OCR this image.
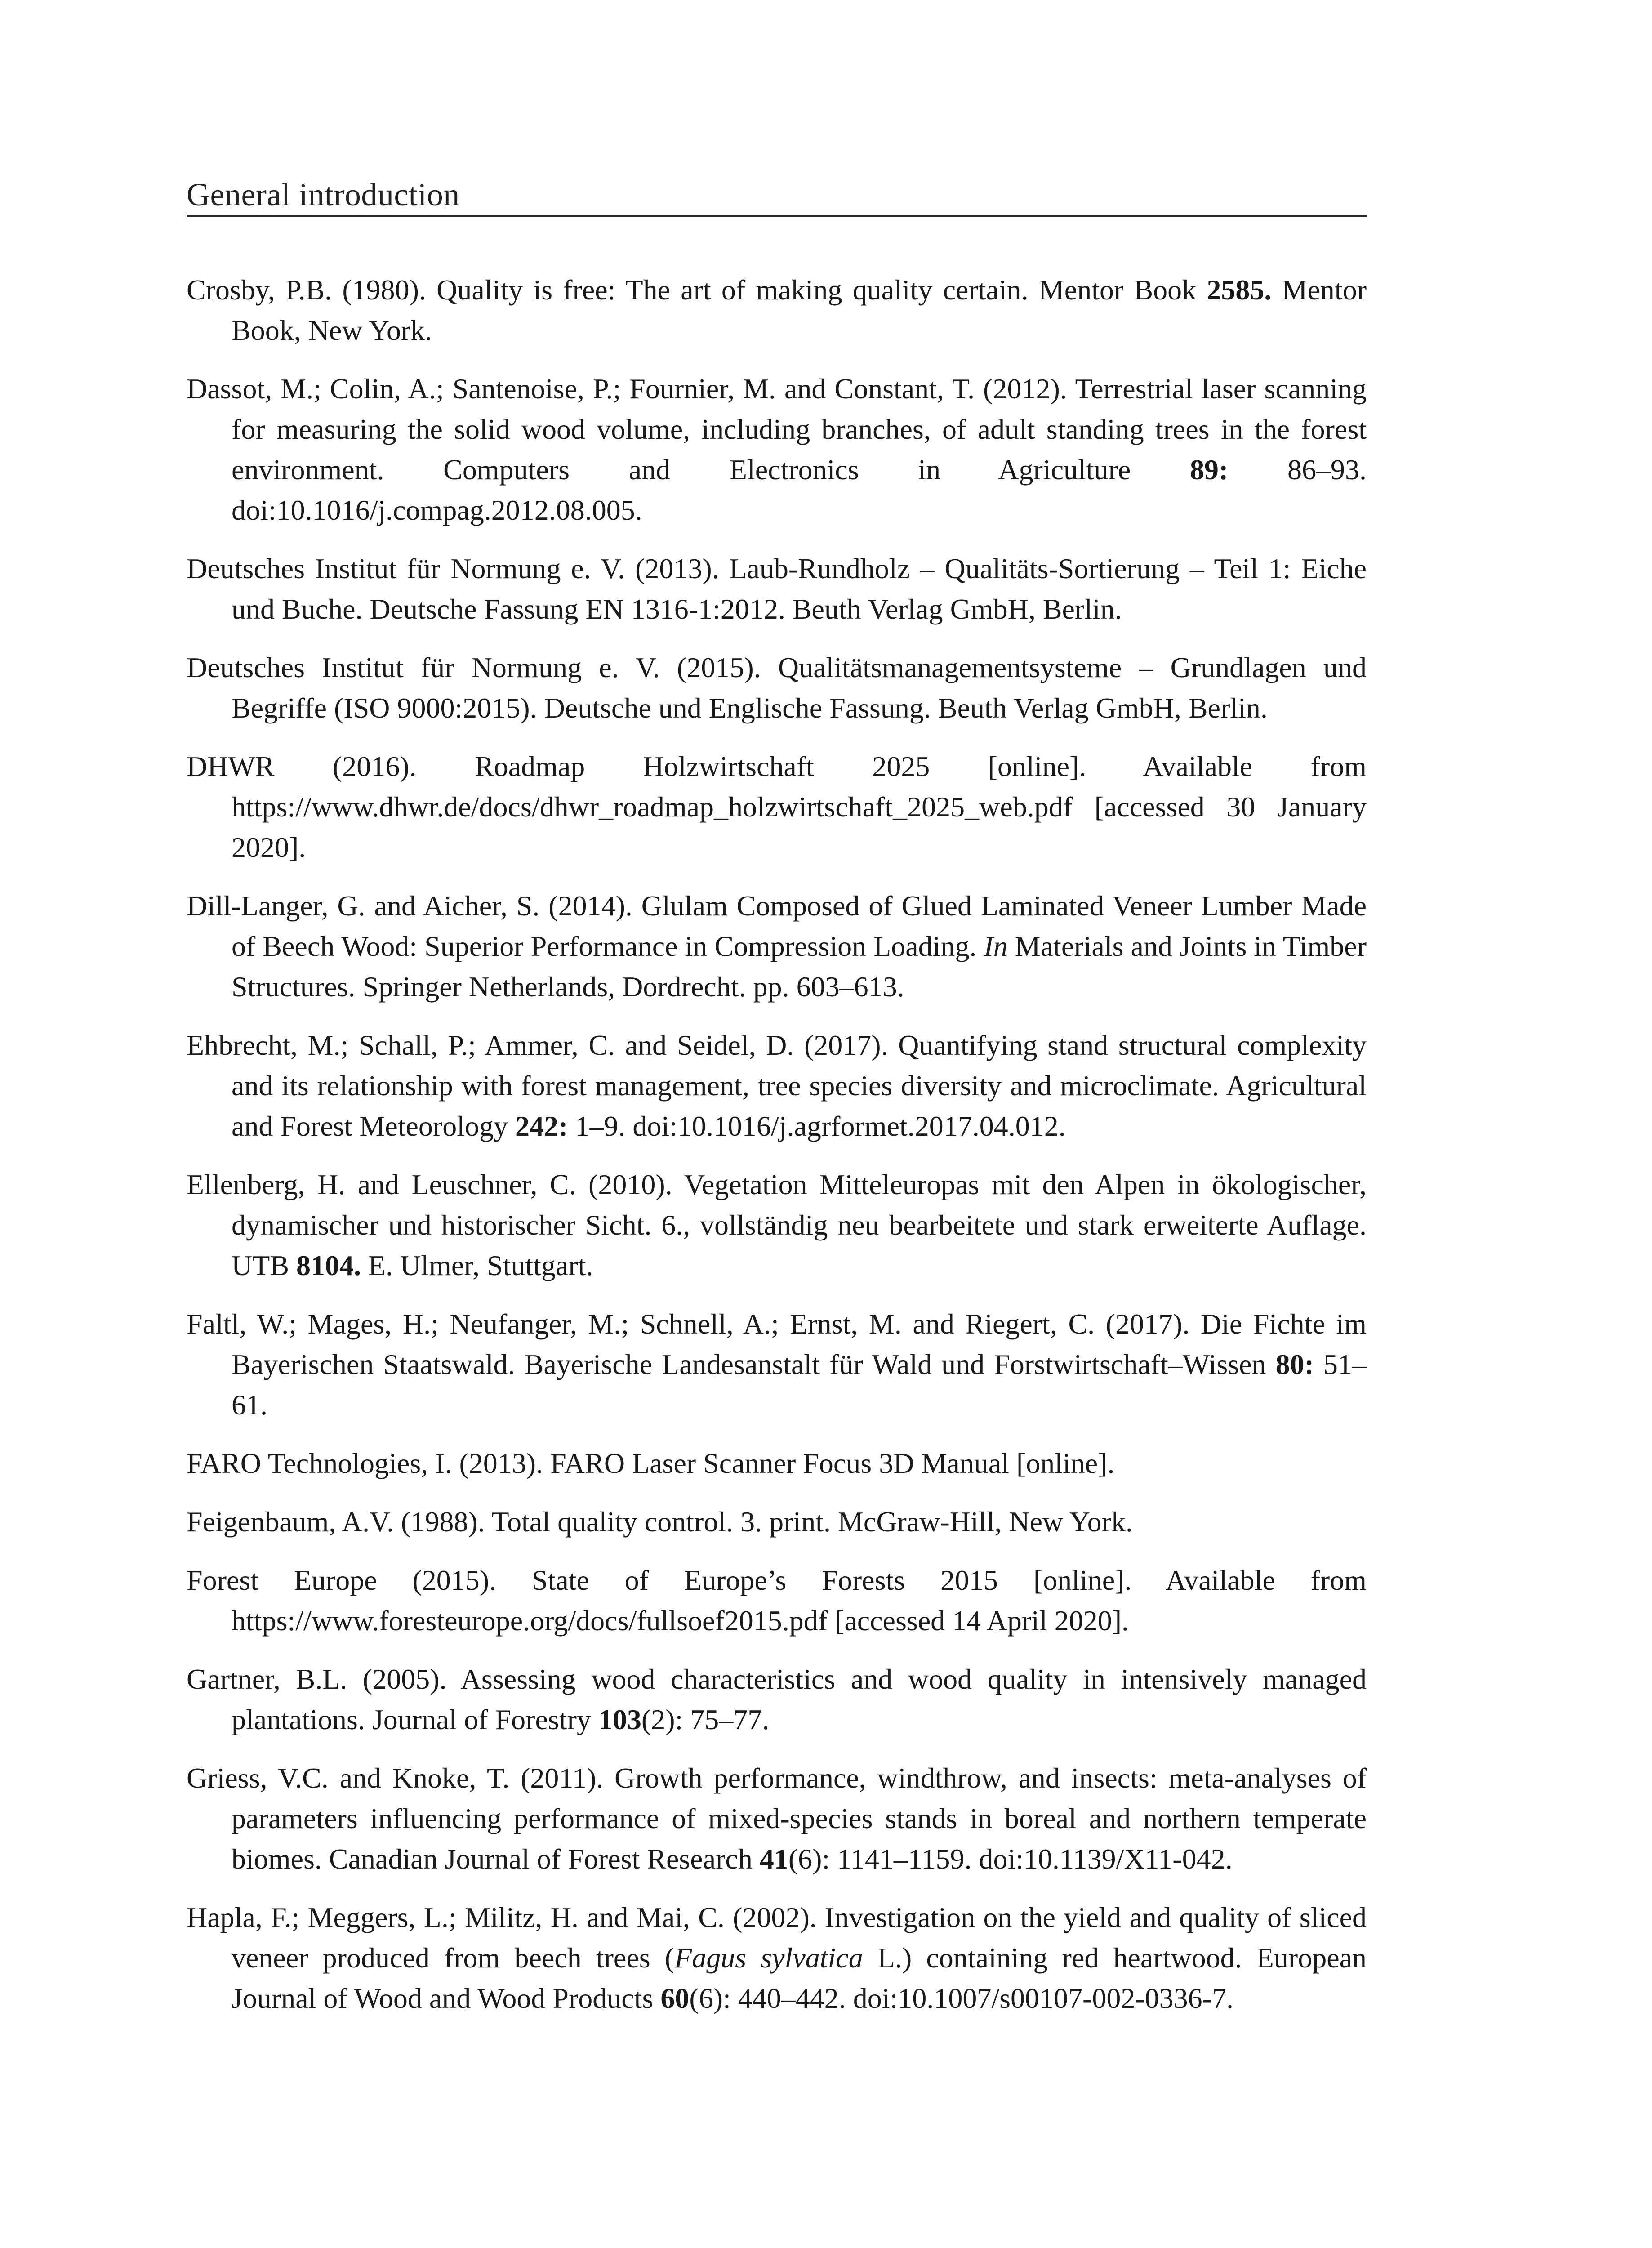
General introduction
Crosby, P.B. (1980). Quality is free: The art of making quality certain. Mentor Book 2585. Mentor Book, New York.
Dassot, M.; Colin, A.; Santenoise, P.; Fournier, M. and Constant, T. (2012). Terrestrial laser scanning for measuring the solid wood volume, including branches, of adult standing trees in the forest environment. Computers and Electronics in Agriculture 89: 86–93. doi:10.1016/j.compag.2012.08.005.
Deutsches Institut für Normung e. V. (2013). Laub-Rundholz – Qualitäts-Sortierung – Teil 1: Eiche und Buche. Deutsche Fassung EN 1316-1:2012. Beuth Verlag GmbH, Berlin.
Deutsches Institut für Normung e. V. (2015). Qualitätsmanagementsysteme – Grundlagen und Begriffe (ISO 9000:2015). Deutsche und Englische Fassung. Beuth Verlag GmbH, Berlin.
DHWR (2016). Roadmap Holzwirtschaft 2025 [online]. Available from https://www.dhwr.de/docs/dhwr_roadmap_holzwirtschaft_2025_web.pdf [accessed 30 January 2020].
Dill-Langer, G. and Aicher, S. (2014). Glulam Composed of Glued Laminated Veneer Lumber Made of Beech Wood: Superior Performance in Compression Loading. In Materials and Joints in Timber Structures. Springer Netherlands, Dordrecht. pp. 603–613.
Ehbrecht, M.; Schall, P.; Ammer, C. and Seidel, D. (2017). Quantifying stand structural complexity and its relationship with forest management, tree species diversity and microclimate. Agricultural and Forest Meteorology 242: 1–9. doi:10.1016/j.agrformet.2017.04.012.
Ellenberg, H. and Leuschner, C. (2010). Vegetation Mitteleuropas mit den Alpen in ökologischer, dynamischer und historischer Sicht. 6., vollständig neu bearbeitete und stark erweiterte Auflage. UTB 8104. E. Ulmer, Stuttgart.
Faltl, W.; Mages, H.; Neufanger, M.; Schnell, A.; Ernst, M. and Riegert, C. (2017). Die Fichte im Bayerischen Staatswald. Bayerische Landesanstalt für Wald und Forstwirtschaft–Wissen 80: 51–61.
FARO Technologies, I. (2013). FARO Laser Scanner Focus 3D Manual [online].
Feigenbaum, A.V. (1988). Total quality control. 3. print. McGraw-Hill, New York.
Forest Europe (2015). State of Europe’s Forests 2015 [online]. Available from https://www.foresteurope.org/docs/fullsoef2015.pdf [accessed 14 April 2020].
Gartner, B.L. (2005). Assessing wood characteristics and wood quality in intensively managed plantations. Journal of Forestry 103(2): 75–77.
Griess, V.C. and Knoke, T. (2011). Growth performance, windthrow, and insects: meta-analyses of parameters influencing performance of mixed-species stands in boreal and northern temperate biomes. Canadian Journal of Forest Research 41(6): 1141–1159. doi:10.1139/X11-042.
Hapla, F.; Meggers, L.; Militz, H. and Mai, C. (2002). Investigation on the yield and quality of sliced veneer produced from beech trees (Fagus sylvatica L.) containing red heartwood. European Journal of Wood and Wood Products 60(6): 440–442. doi:10.1007/s00107-002-0336-7.
